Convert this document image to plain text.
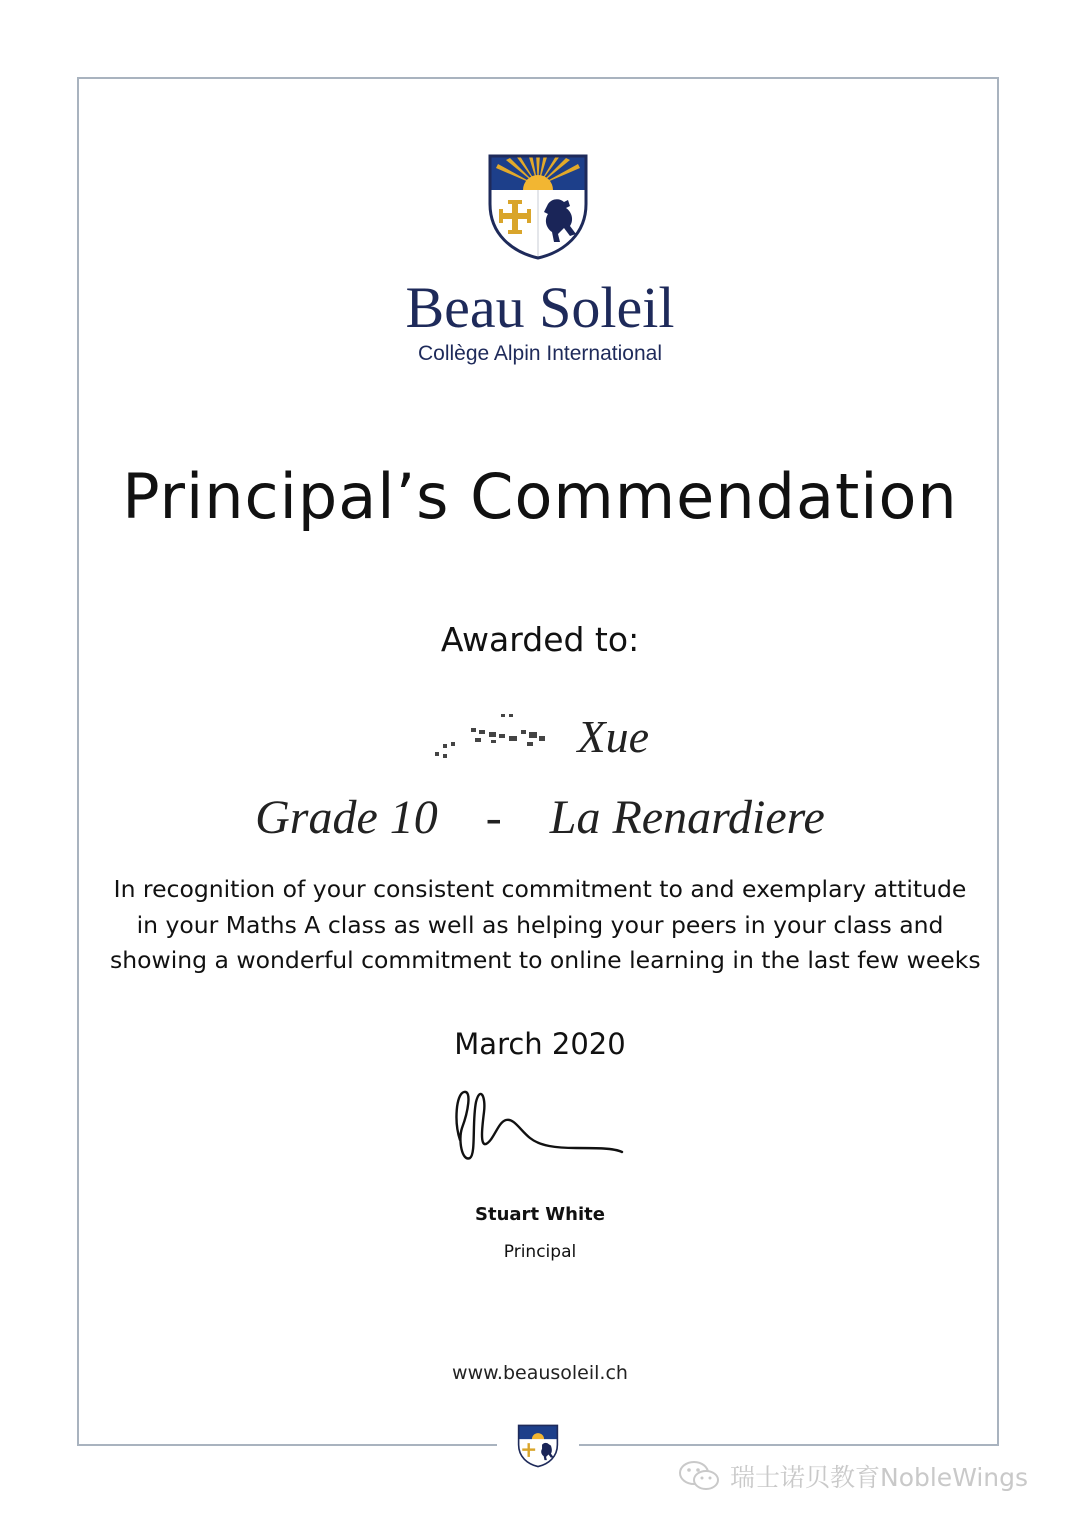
Beau Soleil
Collège Alpin International
Principal’s Commendation
Awarded to:
Xue
Grade 10 - La Renardiere
In recognition of your consistent commitment to and exemplary attitude
in your Maths A class as well as helping your peers in your class and
showing a wonderful commitment to online learning in the last few weeks
March 2020
Stuart White
Principal
www.beausoleil.ch
瑞士诺贝教育NobleWings
